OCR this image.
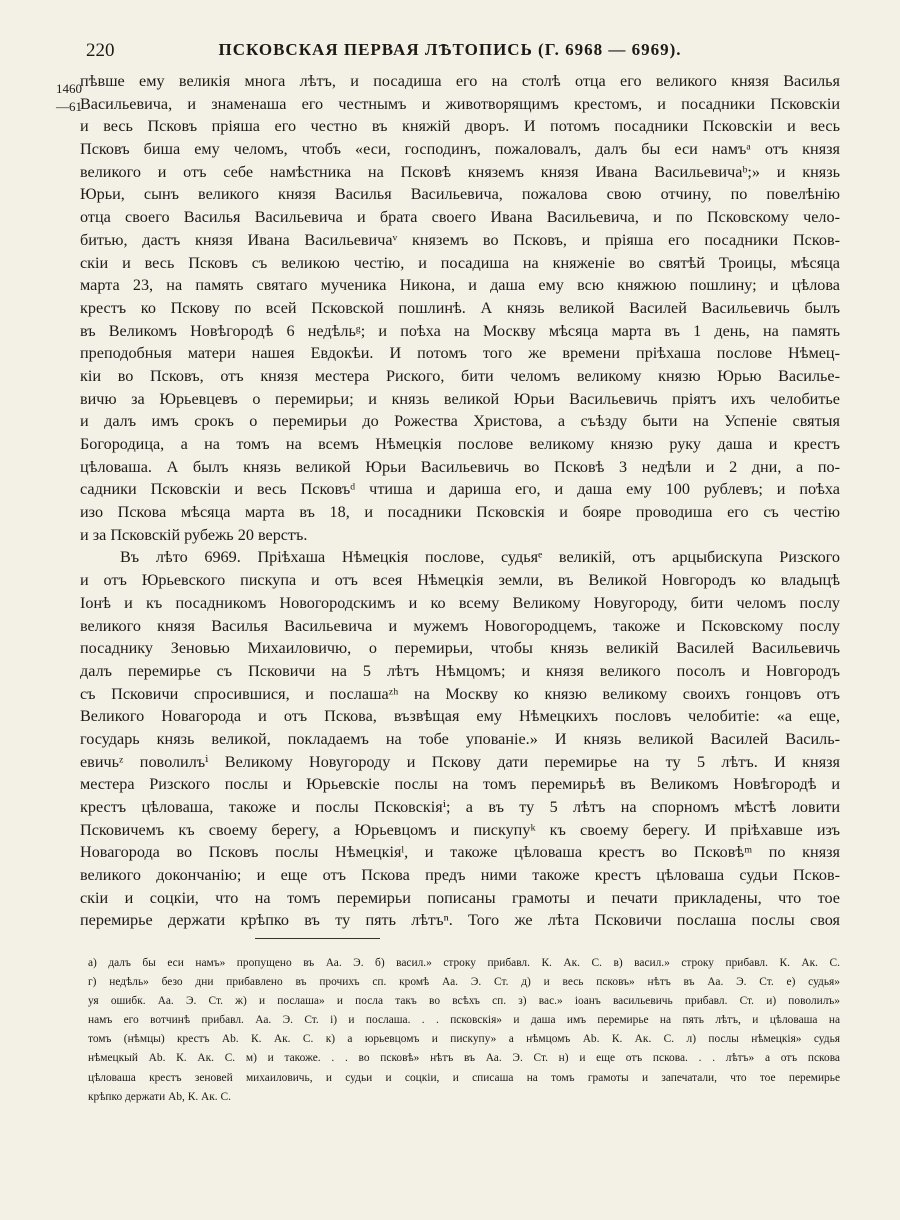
220	ПСКОВСКАЯ ПЕРВАЯ ЛѢТОПИСЬ (Г. 6968 — 6969).
1460
—61
пѣвше ему великія многа лѣтъ, и посадиша его на столѣ отца его великого князя Василья
Васильевича, и знаменаша его честнымъ и животворящимъ крестомъ, и посадники Псковскіи
и весь Псковъ пріяша его честно въ княжій дворъ. И потомъ посадники Псковскіи и весь
Псковъ биша ему челомъ, чтобъ «еси, господинъ, пожаловалъ, далъ бы еси намъᵃ отъ князя
великого и отъ себе намѣстника на Псковѣ княземъ князя Ивана Васильевичаᵇ;» и князь
Юрьи, сынъ великого князя Василья Васильевича, пожалова свою отчину, по повелѣнію
отца своего Василья Васильевича и брата своего Ивана Васильевича, и по Псковскому чело-
битью, дастъ князя Ивана Васильевичаᵛ княземъ во Псковъ, и пріяша его посадники Псков-
скіи и весь Псковъ съ великою честію, и посадиша на княженіе во святѣй Троицы, мѣсяца
марта 23, на память святаго мученика Никона, и даша ему всю княжюю пошлину; и цѣлова
крестъ ко Пскову по всей Псковской пошлинѣ. А князь великой Василей Васильевичь былъ
въ Великомъ Новѣгородѣ 6 недѣльᵍ; и поѣха на Москву мѣсяца марта въ 1 день, на память
преподобныя матери нашея Евдокѣи. И потомъ того же времени пріѣхаша послове Нѣмец-
кіи во Псковъ, отъ князя местера Риского, бити челомъ великому князю Юрью Василье-
вичю за Юрьевцевъ о перемирьи; и князь великой Юрьи Васильевичь пріятъ ихъ челобитье
и далъ имъ срокъ о перемирьи до Рожества Христова, а съѣзду быти на Успеніе святыя
Богородица, а на томъ на всемъ Нѣмецкія послове великому князю руку даша и крестъ
цѣловаша. А былъ князь великой Юрьи Васильевичь во Псковѣ 3 недѣли и 2 дни, а по-
садники Псковскіи и весь Псковъᵈ чтиша и дариша его, и даша ему 100 рублевъ; и поѣха
изо Пскова мѣсяца марта въ 18, и посадники Псковскія и бояре проводиша его съ честію
и за Псковскій рубежь 20 верстъ.
Въ лѣто 6969. Пріѣхаша Нѣмецкія послове, судьяᵉ великій, отъ арцыбискупа Ризского
и отъ Юрьевского пискупа и отъ всея Нѣмецкія земли, въ Великой Новгородъ ко владыцѣ
Іонѣ и къ посадникомъ Новогородскимъ и ко всему Великому Новугороду, бити челомъ послу
великого князя Василья Васильевича и мужемъ Новогородцемъ, такоже и Псковскому послу
посаднику Зеновью Михаиловичю, о перемирьи, чтобы князь великій Василей Васильевичь
далъ перемирье съ Псковичи на 5 лѣтъ Нѣмцомъ; и князя великого посолъ и Новгородъ
съ Псковичи спросившися, и послашаᶻʰ на Москву ко князю великому своихъ гонцовъ отъ
Великого Новагорода и отъ Пскова, възвѣщая ему Нѣмецкихъ пословъ челобитіе: «а еще,
государь князь великой, покладаемъ на тобе упованіе.» И князь великой Василей Василь-
евичьᶻ поволилъⁱ Великому Новугороду и Пскову дати перемирье на ту 5 лѣтъ. И князя
местера Ризского послы и Юрьевскіе послы на томъ перемирьѣ въ Великомъ Новѣгородѣ и
крестъ цѣловаша, такоже и послы Псковскіяⁱ; а въ ту 5 лѣтъ на спорномъ мѣстѣ ловити
Псковичемъ къ своему берегу, а Юрьевцомъ и пискупуᵏ къ своему берегу. И пріѣхавше изъ
Новагорода во Псковъ послы Нѣмецкіяˡ, и такоже цѣловаша крестъ во Псковѣᵐ по князя
великого докончанію; и еще отъ Пскова предъ ними такоже крестъ цѣловаша судьи Псков-
скіи и соцкіи, что на томъ перемирьи пописаны грамоты и печати прикладены, что тое
перемирье держати крѣпко въ ту пять лѣтъⁿ. Того же лѣта Псковичи послаша послы своя
а) далъ бы еси намъ» пропущено въ Аа. Э. б) васил.» строку прибавл. К. Ак. С. в) васил.» строку прибавл. К. Ак. С.
г) недѣль» безо дни прибавлено въ прочихъ сп. кромѣ Аа. Э. Ст. д) и весь псковъ» нѣтъ въ Аа. Э. Ст. е) судья»
уя ошибк. Аа. Э. Ст. ж) и послаша» и посла такъ во всѣхъ сп. з) вас.» іоанъ васильевичь прибавл. Ст. и) поволилъ»
намъ его вотчинѣ прибавл. Аа. Э. Ст. і) и послаша. . . псковскія» и даша имъ перемирье на пять лѣтъ, и цѣловаша на
томъ (нѣмцы) крестъ Аb. К. Ак. С. к) а юрьевцомъ и пискупу» а нѣмцомъ Аb. К. Ак. С. л) послы нѣмецкія» судья
нѣмецкый Аb. К. Ак. С. м) и такоже. . . во псковѣ» нѣтъ въ Аа. Э. Ст. н) и еще отъ пскова. . . лѣтъ» а отъ пскова
цѣловаша крестъ зеновей михаиловичь, и судьи и соцкіи, и списаша на томъ грамоты и запечатали, что тое перемирье
крѣпко держати Аb, К. Ак. С.
